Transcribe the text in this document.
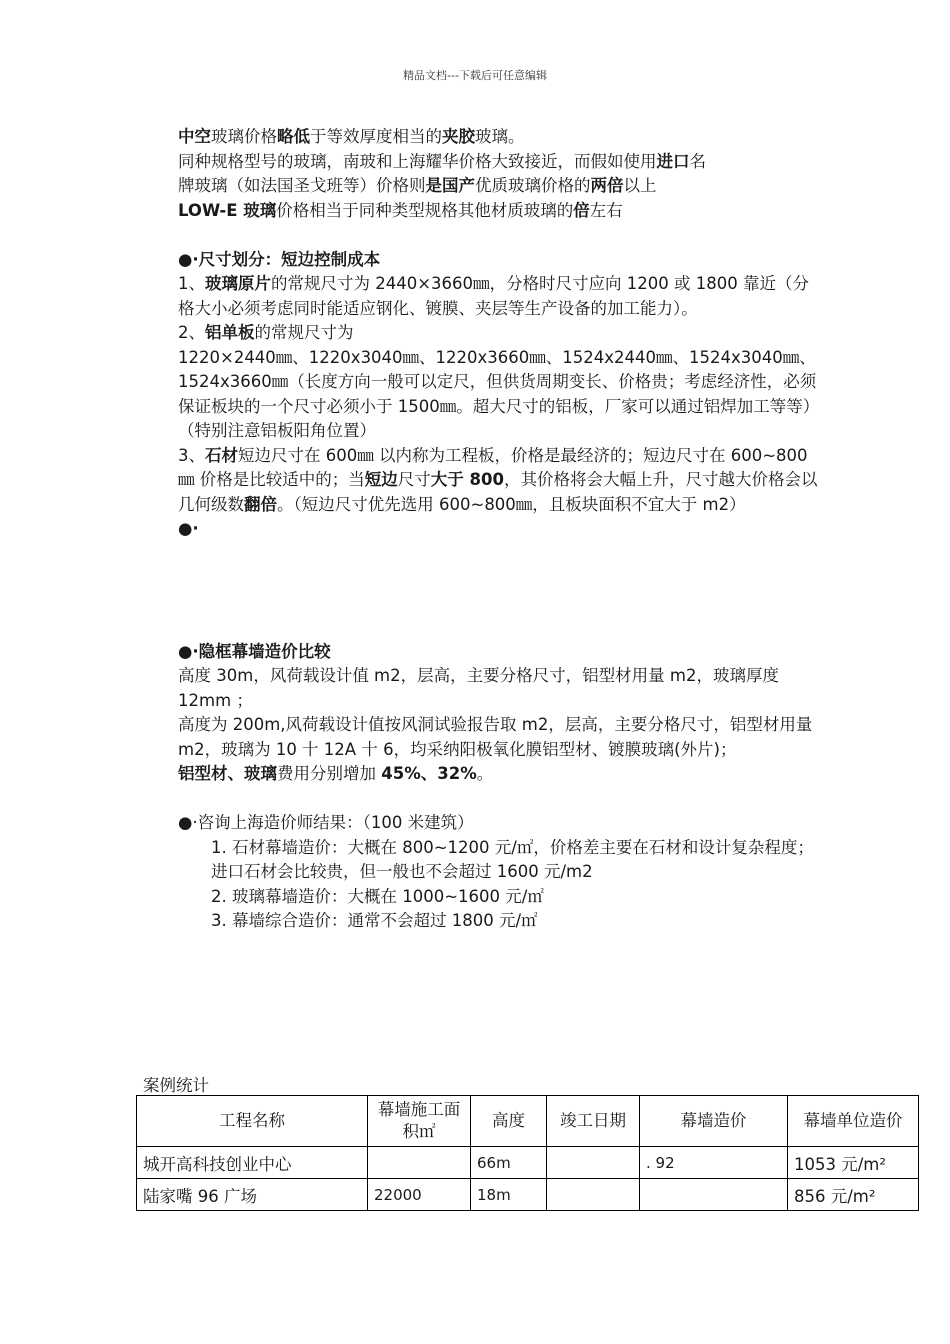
精品文档---下载后可任意编辑

中空玻璃价格略低于等效厚度相当的夹胶玻璃。

同种规格型号的玻璃，南玻和上海耀华价格大致接近，而假如使用进口名

牌玻璃（如法国圣戈班等）价格则是国产优质玻璃价格的两倍以上

LOW-E 玻璃价格相当于同种类型规格其他材质玻璃的倍左右

●·尺寸划分：短边控制成本

1、玻璃原片的常规尺寸为 2440×3660㎜，分格时尺寸应向 1200 或 1800 靠近（分格大小必须考虑同时能适应钢化、镀膜、夹层等生产设备的加工能力）。

2、铝单板的常规尺寸为

1220×2440㎜、1220x3040㎜、1220x3660㎜、1524x2440㎜、1524x3040㎜、1524x3660㎜（长度方向一般可以定尺，但供货周期变长、价格贵；考虑经济性，必须保证板块的一个尺寸必须小于 1500㎜。超大尺寸的铝板，厂家可以通过铝焊加工等等）（特别注意铝板阳角位置）

3、石材短边尺寸在 600㎜ 以内称为工程板，价格是最经济的；短边尺寸在 600~800㎜ 价格是比较适中的；当短边尺寸大于 800，其价格将会大幅上升，尺寸越大价格会以几何级数翻倍。（短边尺寸优先选用 600~800㎜，且板块面积不宜大于 m2）

●·

●·隐框幕墙造价比较

高度 30m，风荷载设计值 m2，层高，主要分格尺寸，铝型材用量 m2，玻璃厚度 12mm ；

高度为 200m,风荷载设计值按风洞试验报告取 m2，层高，主要分格尺寸，铝型材用量 m2，玻璃为 10 十 12A 十 6，均采纳阳极氧化膜铝型材、镀膜玻璃(外片)；

铝型材、玻璃费用分别增加 45%、32%。

●·咨询上海造价师结果：（100 米建筑）

1. 石材幕墙造价：大概在 800~1200 元/㎡，价格差主要在石材和设计复杂程度；进口石材会比较贵，但一般也不会超过 1600 元/m2
2. 玻璃幕墙造价：大概在 1000~1600 元/㎡
3. 幕墙综合造价：通常不会超过 1800 元/㎡
案例统计
工程名称	幕墙施工面积㎡	高度	竣工日期	幕墙造价	幕墙单位造价
城开高科技创业中心		66m		. 92	1053 元/m²
陆家嘴 96 广场	22000	18m			856 元/m²
